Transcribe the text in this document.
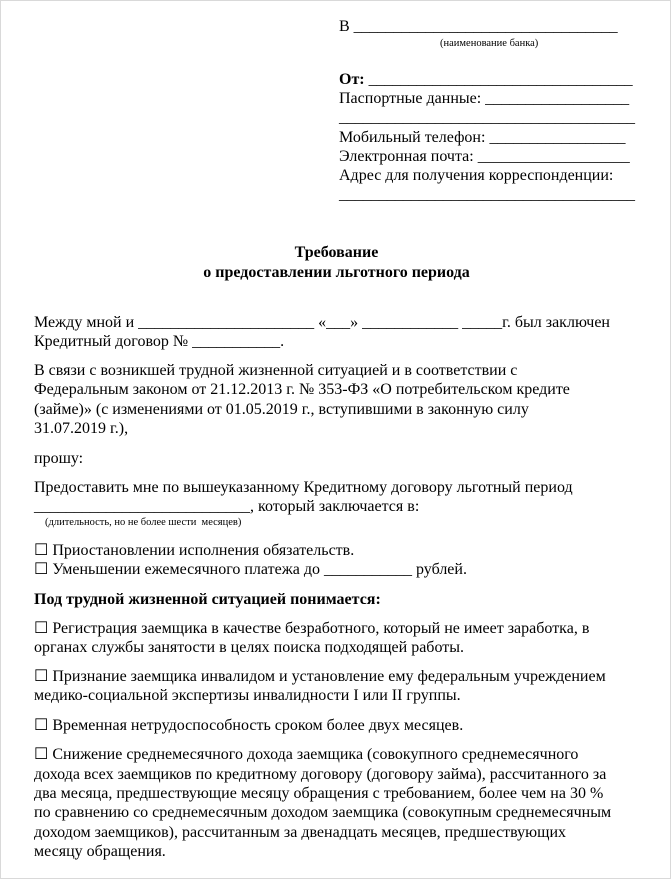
В _________________________________

(наименование банка)

От: _________________________________

Паспортные данные: __________________

_____________________________________

Мобильный телефон: _________________

Электронная почта: ___________________

Адрес для получения корреспонденции:

_____________________________________

Требование

о предоставлении льготного периода

Между мной и ______________________ «___» ____________ _____г. был заключен

Кредитный договор № ___________.

В связи с возникшей трудной жизненной ситуацией и в соответствии с

Федеральным законом от 21.12.2013 г. № 353-ФЗ «О потребительском кредите

(займе)» (с изменениями от 01.05.2019 г., вступившими в законную силу

31.07.2019 г.),

прошу:

Предоставить мне по вышеуказанному Кредитному договору льготный период

___________________________, который заключается в:

(длительность, но не более шести  месяцев)

☐ Приостановлении исполнения обязательств.

☐ Уменьшении ежемесячного платежа до ___________ рублей.

Под трудной жизненной ситуацией понимается:

☐ Регистрация заемщика в качестве безработного, который не имеет заработка, в

органах службы занятости в целях поиска подходящей работы.

☐ Признание заемщика инвалидом и установление ему федеральным учреждением

медико-социальной экспертизы инвалидности I или II группы.

☐ Временная нетрудоспособность сроком более двух месяцев.

☐ Снижение среднемесячного дохода заемщика (совокупного среднемесячного

дохода всех заемщиков по кредитному договору (договору займа), рассчитанного за

два месяца, предшествующие месяцу обращения с требованием, более чем на 30 %

по сравнению со среднемесячным доходом заемщика (совокупным среднемесячным

доходом заемщиков), рассчитанным за двенадцать месяцев, предшествующих

месяцу обращения.
